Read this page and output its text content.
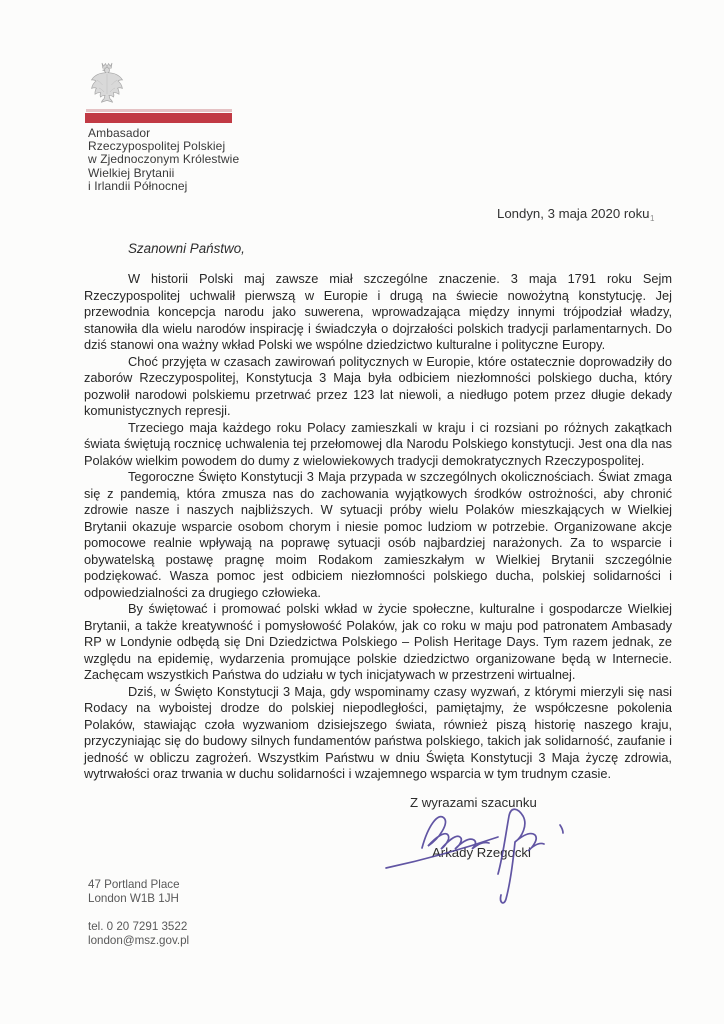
Ambasador
Rzeczypospolitej Polskiej
w Zjednoczonym Królestwie
Wielkiej Brytanii
i Irlandii Północnej
Londyn, 3 maja 2020 roku 1
Szanowni Państwo,

W historii Polski maj zawsze miał szczególne znaczenie. 3 maja 1791 roku Sejm Rzeczypospolitej uchwalił pierwszą w Europie i drugą na świecie nowożytną konstytucję. Jej przewodnia koncepcja narodu jako suwerena, wprowadzająca między innymi trójpodział władzy, stanowiła dla wielu narodów inspirację i świadczyła o dojrzałości polskich tradycji parlamentarnych. Do dziś stanowi ona ważny wkład Polski we wspólne dziedzictwo kulturalne i polityczne Europy.

Choć przyjęta w czasach zawirowań politycznych w Europie, które ostatecznie doprowadziły do zaborów Rzeczypospolitej, Konstytucja 3 Maja była odbiciem niezłomności polskiego ducha, który pozwolił narodowi polskiemu przetrwać przez 123 lat niewoli, a niedługo potem przez długie dekady komunistycznych represji.

Trzeciego maja każdego roku Polacy zamieszkali w kraju i ci rozsiani po różnych zakątkach świata świętują rocznicę uchwalenia tej przełomowej dla Narodu Polskiego konstytucji. Jest ona dla nas Polaków wielkim powodem do dumy z wielowiekowych tradycji demokratycznych Rzeczypospolitej.

Tegoroczne Święto Konstytucji 3 Maja przypada w szczególnych okolicznościach. Świat zmaga się z pandemią, która zmusza nas do zachowania wyjątkowych środków ostrożności, aby chronić zdrowie nasze i naszych najbliższych. W sytuacji próby wielu Polaków mieszkających w Wielkiej Brytanii okazuje wsparcie osobom chorym i niesie pomoc ludziom w potrzebie. Organizowane akcje pomocowe realnie wpływają na poprawę sytuacji osób najbardziej narażonych. Za to wsparcie i obywatelską postawę pragnę moim Rodakom zamieszkałym w Wielkiej Brytanii szczególnie podziękować. Wasza pomoc jest odbiciem niezłomności polskiego ducha, polskiej solidarności i odpowiedzialności za drugiego człowieka.

By świętować i promować polski wkład w życie społeczne, kulturalne i gospodarcze Wielkiej Brytanii, a także kreatywność i pomysłowość Polaków, jak co roku w maju pod patronatem Ambasady RP w Londynie odbędą się Dni Dziedzictwa Polskiego – Polish Heritage Days. Tym razem jednak, ze względu na epidemię, wydarzenia promujące polskie dziedzictwo organizowane będą w Internecie. Zachęcam wszystkich Państwa do udziału w tych inicjatywach w przestrzeni wirtualnej.

Dziś, w Święto Konstytucji 3 Maja, gdy wspominamy czasy wyzwań, z którymi mierzyli się nasi Rodacy na wyboistej drodze do polskiej niepodległości, pamiętajmy, że współczesne pokolenia Polaków, stawiając czoła wyzwaniom dzisiejszego świata, również piszą historię naszego kraju, przyczyniając się do budowy silnych fundamentów państwa polskiego, takich jak solidarność, zaufanie i jedność w obliczu zagrożeń. Wszystkim Państwu w dniu Święta Konstytucji 3 Maja życzę zdrowia, wytrwałości oraz trwania w duchu solidarności i wzajemnego wsparcia w tym trudnym czasie.

Z wyrazami szacunku
Arkady Rzegocki
47 Portland Place
London W1B 1JH
tel. 0 20 7291 3522
london@msz.gov.pl
